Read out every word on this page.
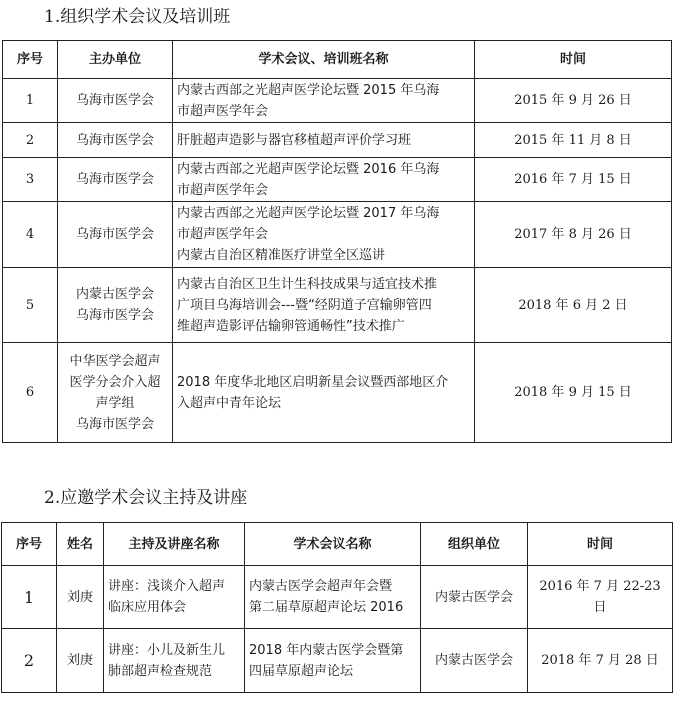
1.组织学术会议及培训班
序号	主办单位	学术会议、培训班名称	时间

1	乌海市医学会	内蒙古西部之光超声医学论坛暨 2015 年乌海
市超声医学年会	2015 年 9 月 26 日

2	乌海市医学会	肝脏超声造影与器官移植超声评价学习班	2015 年 11 月 8 日

3	乌海市医学会	内蒙古西部之光超声医学论坛暨 2016 年乌海
市超声医学年会	2016 年 7 月 15 日

4	乌海市医学会	内蒙古西部之光超声医学论坛暨 2017 年乌海
市超声医学年会
内蒙古自治区精准医疗讲堂全区巡讲	2017 年 8 月 26 日

5	内蒙古医学会
乌海市医学会	内蒙古自治区卫生计生科技成果与适宜技术推
广项目乌海培训会---暨“经阴道子宫输卵管四
维超声造影评估输卵管通畅性”技术推广	2018 年 6 月 2 日

6	中华医学会超声
医学分会介入超
声学组
乌海市医学会	2018 年度华北地区启明新星会议暨西部地区介
入超声中青年论坛	2018 年 9 月 15 日
2.应邀学术会议主持及讲座
序号	姓名	主持及讲座名称	学术会议名称	组织单位	时间

1	刘庚	讲座：浅谈介入超声
临床应用体会	内蒙古医学会超声年会暨
第二届草原超声论坛 2016	内蒙古医学会	2016 年 7 月 22-23 日

2	刘庚	讲座：小儿及新生儿
肺部超声检查规范	2018 年内蒙古医学会暨第
四届草原超声论坛	内蒙古医学会	2018 年 7 月 28 日
